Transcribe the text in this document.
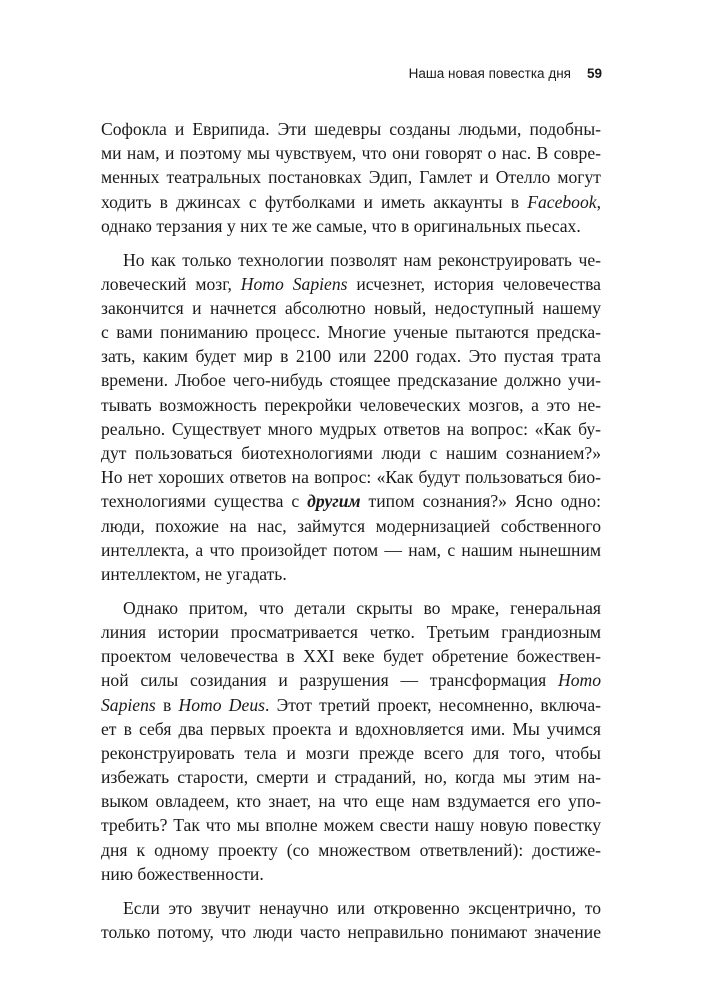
Наша новая повестка дня 59
Софокла и Еврипида. Эти шедевры созданы людьми, подобны-
ми нам, и поэтому мы чувствуем, что они говорят о нас. В совре-
менных театральных постановках Эдип, Гамлет и Отелло могут
ходить в джинсах с футболками и иметь аккаунты в Facebook,
однако терзания у них те же самые, что в оригинальных пьесах.
Но как только технологии позволят нам реконструировать че-
ловеческий мозг, Homo Sapiens исчезнет, история человечества
закончится и начнется абсолютно новый, недоступный нашему
с вами пониманию процесс. Многие ученые пытаются предска-
зать, каким будет мир в 2100 или 2200 годах. Это пустая трата
времени. Любое чего-нибудь стоящее предсказание должно учи-
тывать возможность перекройки человеческих мозгов, а это не-
реально. Существует много мудрых ответов на вопрос: «Как бу-
дут пользоваться биотехнологиями люди с нашим сознанием?»
Но нет хороших ответов на вопрос: «Как будут пользоваться био-
технологиями существа с другим типом сознания?» Ясно одно:
люди, похожие на нас, займутся модернизацией собственного
интеллекта, а что произойдет потом — нам, с нашим нынешним
интеллектом, не угадать.
Однако притом, что детали скрыты во мраке, генеральная
линия истории просматривается четко. Третьим грандиозным
проектом человечества в XXI веке будет обретение божествен-
ной силы созидания и разрушения — трансформация Homo
Sapiens в Homo Deus. Этот третий проект, несомненно, включа-
ет в себя два первых проекта и вдохновляется ими. Мы учимся
реконструировать тела и мозги прежде всего для того, чтобы
избежать старости, смерти и страданий, но, когда мы этим на-
выком овладеем, кто знает, на что еще нам вздумается его упо-
требить? Так что мы вполне можем свести нашу новую повестку
дня к одному проекту (со множеством ответвлений): достиже-
нию божественности.
Если это звучит ненаучно или откровенно эксцентрично, то
только потому, что люди часто неправильно понимают значение
